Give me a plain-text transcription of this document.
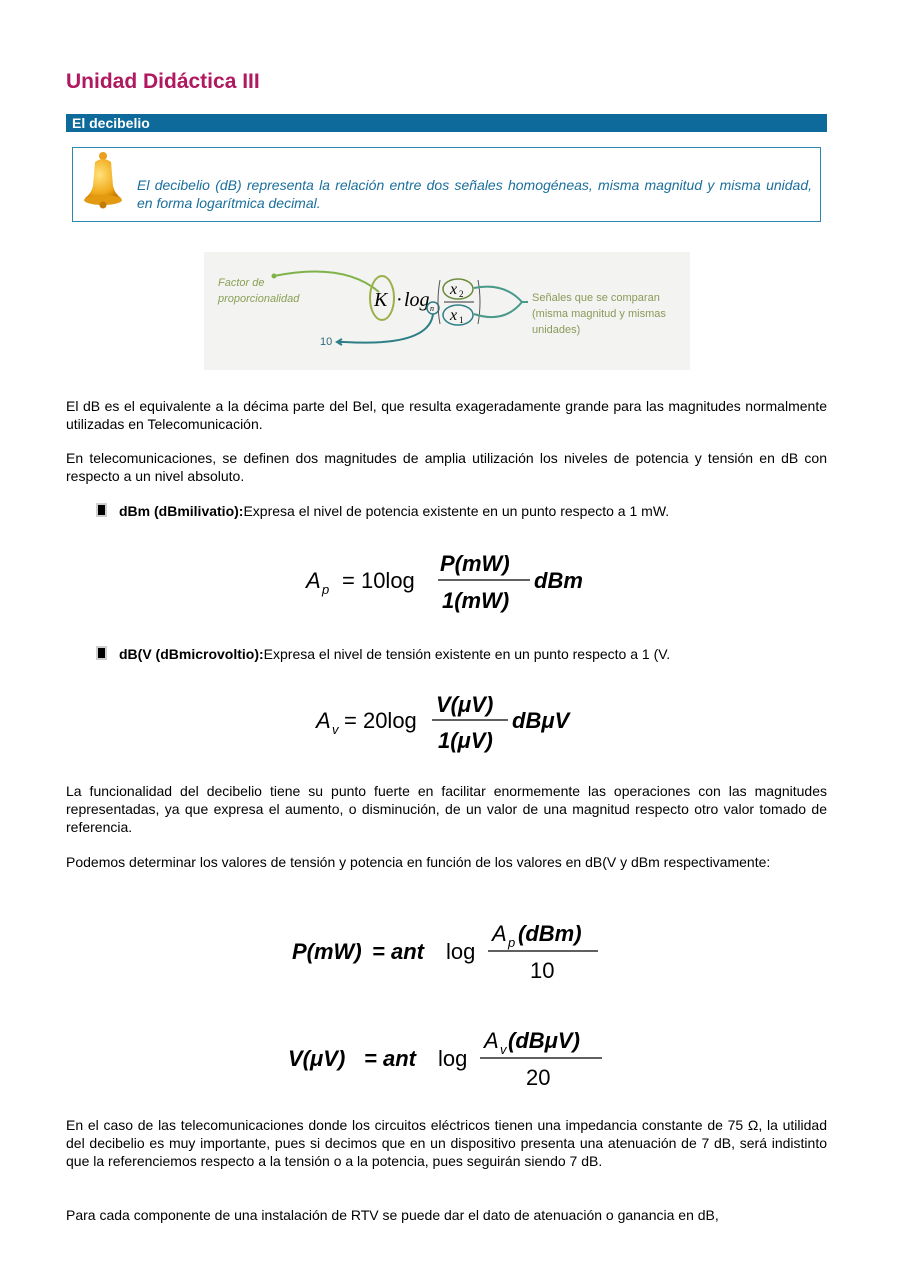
Unidad Didáctica III
El decibelio
El decibelio (dB) representa la relación entre dos señales homogéneas, misma magnitud y misma unidad, en forma logarítmica decimal.
Factor de
proporcionalidad	K · log n
10
x 2
x 1
Señales que se comparan
(misma magnitud y mismas
unidades)

El dB es el equivalente a la décima parte del Bel, que resulta exageradamente grande para las magnitudes normalmente utilizadas en Telecomunicación.

En telecomunicaciones, se definen dos magnitudes de amplia utilización los niveles de potencia y tensión en dB con respecto a un nivel absoluto.

dBm (dBmilivatio):Expresa el nivel de potencia existente en un punto respecto a 1 mW.
A p = 10log
P(mW)
1(mW)
dBm
dB(V (dBmicrovoltio):Expresa el nivel de tensión existente en un punto respecto a 1 (V.
A v = 20log
V(μV)
1(μV)
dBμV

La funcionalidad del decibelio tiene su punto fuerte en facilitar enormemente las operaciones con las magnitudes representadas, ya que expresa el aumento, o disminución, de un valor de una magnitud respecto otro valor tomado de referencia.

Podemos determinar los valores de tensión y potencia en función de los valores en dB(V y dBm respectivamente:

P(mW) = ant log
A p (dBm)
10
V(μV) = ant log
A v (dBμV)
20

En el caso de las telecomunicaciones donde los circuitos eléctricos tienen una impedancia constante de 75 Ω, la utilidad del decibelio es muy importante, pues si decimos que en un dispositivo presenta una atenuación de 7 dB, será indistinto que la referenciemos respecto a la tensión o a la potencia, pues seguirán siendo 7 dB.

Para cada componente de una instalación de RTV se puede dar el dato de atenuación o ganancia en dB,
